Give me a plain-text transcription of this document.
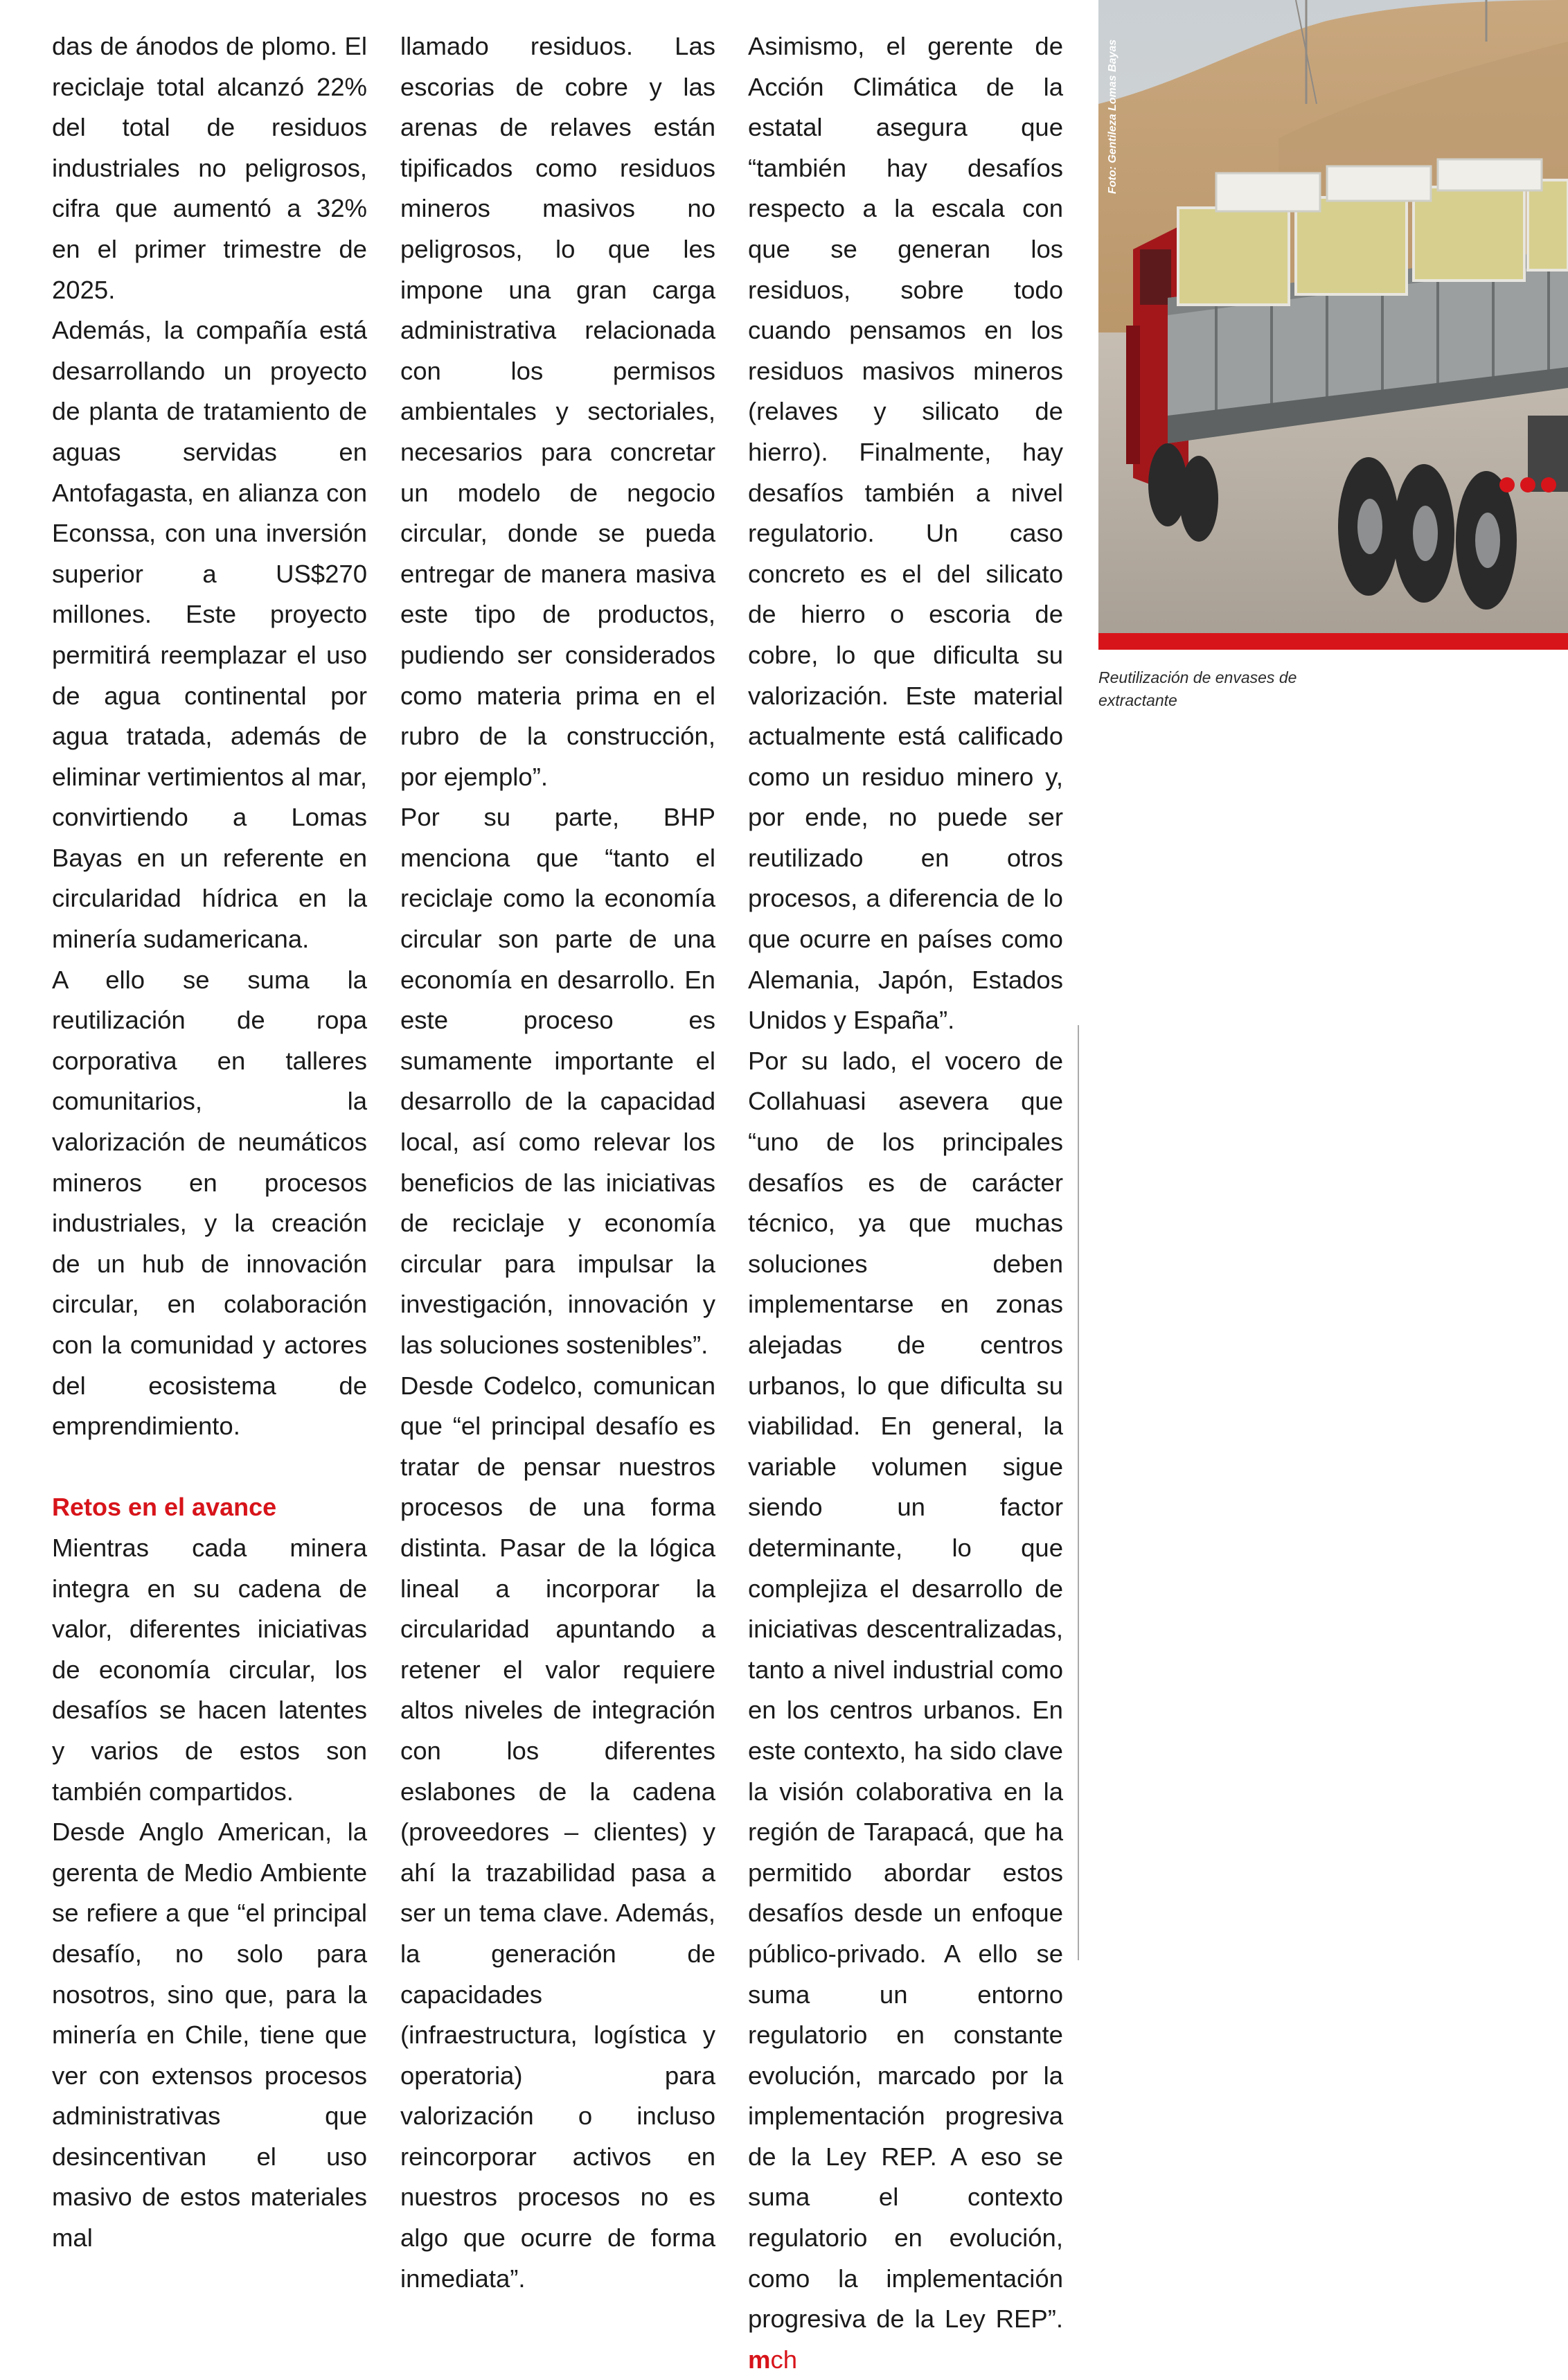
das de ánodos de plomo. El reciclaje total alcanzó 22% del total de residuos industriales no peligrosos, cifra que aumentó a 32% en el primer trimestre de 2025.

Además, la compañía está desarrollando un proyecto de planta de tratamiento de aguas servidas en Antofagasta, en alianza con Econssa, con una inversión superior a US$270 millones. Este proyecto permitirá reemplazar el uso de agua continental por agua tratada, además de eliminar vertimientos al mar, convirtiendo a Lomas Bayas en un referente en circularidad hídrica en la minería sudamericana.

A ello se suma la reutilización de ropa corporativa en talleres comunitarios, la valorización de neumáticos mineros en procesos industriales, y la creación de un hub de innovación circular, en colaboración con la comunidad y actores del ecosistema de emprendimiento.

Retos en el avance

Mientras cada minera integra en su cadena de valor, diferentes iniciativas de economía circular, los desafíos se hacen latentes y varios de estos son también compartidos.

Desde Anglo American, la gerenta de Medio Ambiente se refiere a que “el principal desafío, no solo para nosotros, sino que, para la minería en Chile, tiene que ver con extensos procesos administrativas que desincentivan el uso masivo de estos materiales mal

llamado residuos. Las escorias de cobre y las arenas de relaves están tipificados como residuos mineros masivos no peligrosos, lo que les impone una gran carga administrativa relacionada con los permisos ambientales y sectoriales, necesarios para concretar un modelo de negocio circular, donde se pueda entregar de manera masiva este tipo de productos, pudiendo ser considerados como materia prima en el rubro de la construcción, por ejemplo”.

Por su parte, BHP menciona que “tanto el reciclaje como la economía circular son parte de una economía en desarrollo. En este proceso es sumamente importante el desarrollo de la capacidad local, así como relevar los beneficios de las iniciativas de reciclaje y economía circular para impulsar la investigación, innovación y las soluciones sostenibles”.

Desde Codelco, comunican que “el principal desafío es tratar de pensar nuestros procesos de una forma distinta. Pasar de la lógica lineal a incorporar la circularidad apuntando a retener el valor requiere altos niveles de integración con los diferentes eslabones de la cadena (proveedores – clientes) y ahí la trazabilidad pasa a ser un tema clave. Además, la generación de capacidades (infraestructura, logística y operatoria) para valorización o incluso reincorporar activos en nuestros procesos no es algo que ocurre de forma inmediata”.

Asimismo, el gerente de Acción Climática de la estatal asegura que “también hay desafíos respecto a la escala con que se generan los residuos, sobre todo cuando pensamos en los residuos masivos mineros (relaves y silicato de hierro). Finalmente, hay desafíos también a nivel regulatorio. Un caso concreto es el del silicato de hierro o escoria de cobre, lo que dificulta su valorización. Este material actualmente está calificado como un residuo minero y, por ende, no puede ser reutilizado en otros procesos, a diferencia de lo que ocurre en países como Alemania, Japón, Estados Unidos y España”.

Por su lado, el vocero de Collahuasi asevera que “uno de los principales desafíos es de carácter técnico, ya que muchas soluciones deben implementarse en zonas alejadas de centros urbanos, lo que dificulta su viabilidad. En general, la variable volumen sigue siendo un factor determinante, lo que complejiza el desarrollo de iniciativas descentralizadas, tanto a nivel industrial como en los centros urbanos. En este contexto, ha sido clave la visión colaborativa en la región de Tarapacá, que ha permitido abordar estos desafíos desde un enfoque público-privado. A ello se suma un entorno regulatorio en constante evolución, marcado por la implementación progresiva de la Ley REP. A eso se suma el contexto regulatorio en evolución, como la implementación progresiva de la Ley REP”. mch

Foto: Gentileza Lomas Bayas
Reutilización de envases de extractante
